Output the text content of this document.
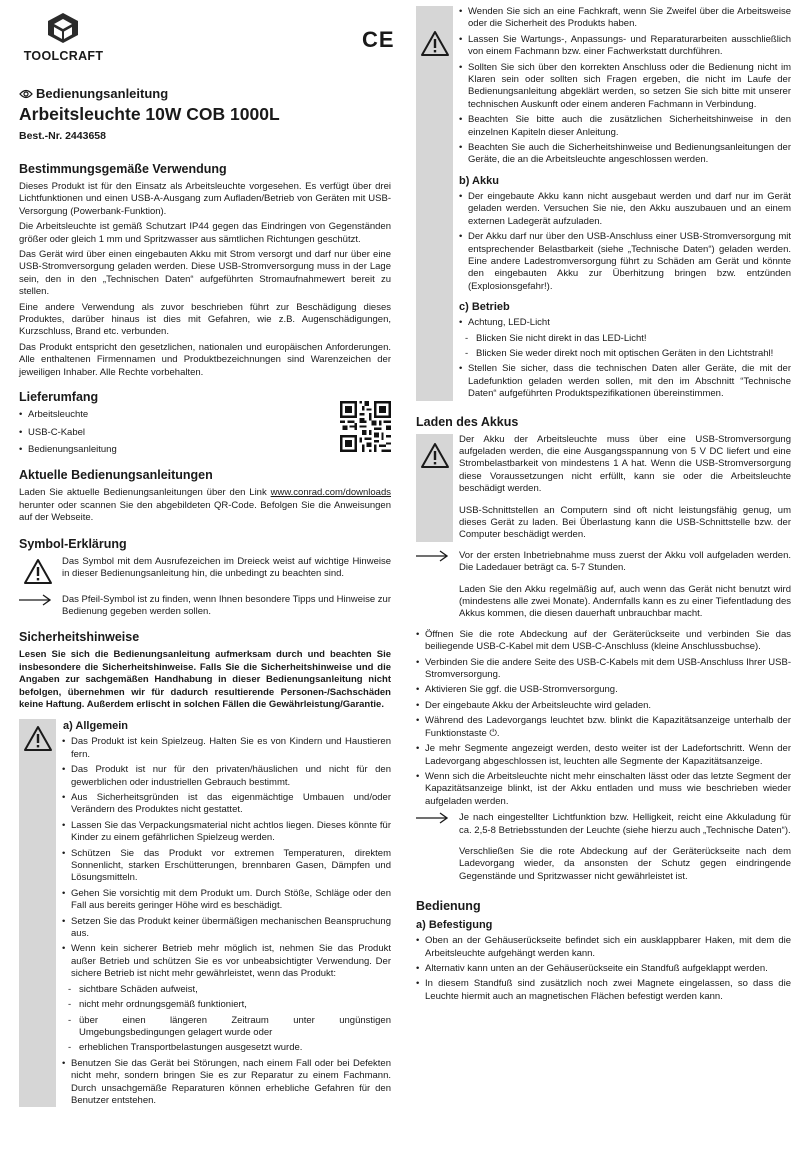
TOOLCRAFT
Bedienungsanleitung
Arbeitsleuchte 10W COB 1000L
Best.-Nr. 2443658
Bestimmungsgemäße Verwendung

Dieses Produkt ist für den Einsatz als Arbeitsleuchte vorgesehen. Es verfügt über drei Lichtfunktionen und einen USB-A-Ausgang zum Aufladen/Betrieb von Geräten mit USB-Versorgung (Powerbank-Funktion).

Die Arbeitsleuchte ist gemäß Schutzart IP44 gegen das Eindringen von Gegenständen größer oder gleich 1 mm und Spritzwasser aus sämtlichen Richtungen geschützt.

Das Gerät wird über einen eingebauten Akku mit Strom versorgt und darf nur über eine USB-Stromversorgung geladen werden. Diese USB-Stromversorgung muss in der Lage sein, den in den „Technischen Daten“ aufgeführten Stromaufnahmewert bereit zu stellen.

Eine andere Verwendung als zuvor beschrieben führt zur Beschädigung dieses Produktes, darüber hinaus ist dies mit Gefahren, wie z.B. Augenschädigungen, Kurzschluss, Brand etc. verbunden.

Das Produkt entspricht den gesetzlichen, nationalen und europäischen Anforderungen. Alle enthaltenen Firmennamen und Produktbezeichnungen sind Warenzeichen der jeweiligen Inhaber. Alle Rechte vorbehalten.

Lieferumfang
• Arbeitsleuchte
• USB-C-Kabel
• Bedienungsanleitung
Aktuelle Bedienungsanleitungen

Laden Sie aktuelle Bedienungsanleitungen über den Link www.conrad.com/downloads herunter oder scannen Sie den abgebildeten QR-Code. Befolgen Sie die Anweisungen auf der Webseite.

Symbol-Erklärung

Das Symbol mit dem Ausrufezeichen im Dreieck weist auf wichtige Hinweise in dieser Bedienungsanleitung hin, die unbedingt zu beachten sind.

Das Pfeil-Symbol ist zu finden, wenn Ihnen besondere Tipps und Hinweise zur Bedienung gegeben werden sollen.

Sicherheitshinweise

Lesen Sie sich die Bedienungsanleitung aufmerksam durch und beachten Sie insbesondere die Sicherheitshinweise. Falls Sie die Sicherheitshinweise und die Angaben zur sachgemäßen Handhabung in dieser Bedienungsanleitung nicht befolgen, übernehmen wir für dadurch resultierende Personen-/Sachschäden keine Haftung. Außerdem erlischt in solchen Fällen die Gewährleistung/Garantie.

a) Allgemein
• Das Produkt ist kein Spielzeug. Halten Sie es von Kindern und Haustieren fern.
• Das Produkt ist nur für den privaten/häuslichen und nicht für den gewerblichen oder industriellen Gebrauch bestimmt.
• Aus Sicherheitsgründen ist das eigenmächtige Umbauen und/oder Verändern des Produktes nicht gestattet.
• Lassen Sie das Verpackungsmaterial nicht achtlos liegen. Dieses könnte für Kinder zu einem gefährlichen Spielzeug werden.
• Schützen Sie das Produkt vor extremen Temperaturen, direktem Sonnenlicht, starken Erschütterungen, brennbaren Gasen, Dämpfen und Lösungsmitteln.
• Gehen Sie vorsichtig mit dem Produkt um. Durch Stöße, Schläge oder den Fall aus bereits geringer Höhe wird es beschädigt.
• Setzen Sie das Produkt keiner übermäßigen mechanischen Beanspruchung aus.
• Wenn kein sicherer Betrieb mehr möglich ist, nehmen Sie das Produkt außer Betrieb und schützen Sie es vor unbeabsichtigter Verwendung. Der sichere Betrieb ist nicht mehr gewährleistet, wenn das Produkt:
- sichtbare Schäden aufweist,
- nicht mehr ordnungsgemäß funktioniert,
- über einen längeren Zeitraum unter ungünstigen Umgebungsbedingungen gelagert wurde oder
- erheblichen Transportbelastungen ausgesetzt wurde.
• Benutzen Sie das Gerät bei Störungen, nach einem Fall oder bei Defekten nicht mehr, sondern bringen Sie es zur Reparatur zu einem Fachmann. Durch unsachgemäße Reparaturen können erhebliche Gefahren für den Benutzer entstehen.
• Wenden Sie sich an eine Fachkraft, wenn Sie Zweifel über die Arbeitsweise oder die Sicherheit des Produkts haben.
• Lassen Sie Wartungs-, Anpassungs- und Reparaturarbeiten ausschließlich von einem Fachmann bzw. einer Fachwerkstatt durchführen.
• Sollten Sie sich über den korrekten Anschluss oder die Bedienung nicht im Klaren sein oder sollten sich Fragen ergeben, die nicht im Laufe der Bedienungsanleitung abgeklärt werden, so setzen Sie sich bitte mit unserer technischen Auskunft oder einem anderen Fachmann in Verbindung.
• Beachten Sie bitte auch die zusätzlichen Sicherheitshinweise in den einzelnen Kapiteln dieser Anleitung.
• Beachten Sie auch die Sicherheitshinweise und Bedienungsanleitungen der Geräte, die an die Arbeitsleuchte angeschlossen werden.
b) Akku
• Der eingebaute Akku kann nicht ausgebaut werden und darf nur im Gerät geladen werden. Versuchen Sie nie, den Akku auszubauen und an einem externen Ladegerät aufzuladen.
• Der Akku darf nur über den USB-Anschluss einer USB-Stromversorgung mit entsprechender Belastbarkeit (siehe „Technische Daten“) geladen werden. Eine andere Ladestromversorgung führt zu Schäden am Gerät und könnte den eingebauten Akku zur Überhitzung bringen bzw. entzünden (Explosionsgefahr!).
c) Betrieb
• Achtung, LED-Licht
- Blicken Sie nicht direkt in das LED-Licht!
- Blicken Sie weder direkt noch mit optischen Geräten in den Lichtstrahl!
• Stellen Sie sicher, dass die technischen Daten aller Geräte, die mit der Ladefunktion geladen werden sollen, mit den im Abschnitt “Technische Daten“ aufgeführten Produktspezifikationen übereinstimmen.
Laden des Akkus

Der Akku der Arbeitsleuchte muss über eine USB-Stromversorgung aufgeladen werden, die eine Ausgangsspannung von 5 V DC liefert und eine Strombelastbarkeit von mindestens 1 A hat. Wenn die USB-Stromversorgung diese Voraussetzungen nicht erfüllt, kann sie oder die Arbeitsleuchte beschädigt werden.

USB-Schnittstellen an Computern sind oft nicht leistungsfähig genug, um dieses Gerät zu laden. Bei Überlastung kann die USB-Schnittstelle bzw. der Computer beschädigt werden.

Vor der ersten Inbetriebnahme muss zuerst der Akku voll aufgeladen werden. Die Ladedauer beträgt ca. 5-7 Stunden.

Laden Sie den Akku regelmäßig auf, auch wenn das Gerät nicht benutzt wird (mindestens alle zwei Monate). Andernfalls kann es zu einer Tiefentladung des Akkus kommen, die diesen dauerhaft unbrauchbar macht.

• Öffnen Sie die rote Abdeckung auf der Geräterückseite und verbinden Sie das beiliegende USB-C-Kabel mit dem USB-C-Anschluss (kleine Anschlussbuchse).
• Verbinden Sie die andere Seite des USB-C-Kabels mit dem USB-Anschluss Ihrer USB-Stromversorgung.
• Aktivieren Sie ggf. die USB-Stromversorgung.
• Der eingebaute Akku der Arbeitsleuchte wird geladen.
• Während des Ladevorgangs leuchtet bzw. blinkt die Kapazitätsanzeige unterhalb der Funktionstaste ⏻.
• Je mehr Segmente angezeigt werden, desto weiter ist der Ladefortschritt. Wenn der Ladevorgang abgeschlossen ist, leuchten alle Segmente der Kapazitätsanzeige.
• Wenn sich die Arbeitsleuchte nicht mehr einschalten lässt oder das letzte Segment der Kapazitätsanzeige blinkt, ist der Akku entladen und muss wie beschrieben wieder aufgeladen werden.

Je nach eingestellter Lichtfunktion bzw. Helligkeit, reicht eine Akkuladung für ca. 2,5-8 Betriebsstunden der Leuchte (siehe hierzu auch „Technische Daten“).

Verschließen Sie die rote Abdeckung auf der Geräterückseite nach dem Ladevorgang wieder, da ansonsten der Schutz gegen eindringende Gegenstände und Spritzwasser nicht gewährleistet ist.

Bedienung
a) Befestigung
• Oben an der Gehäuserückseite befindet sich ein ausklappbarer Haken, mit dem die Arbeitsleuchte aufgehängt werden kann.
• Alternativ kann unten an der Gehäuserückseite ein Standfuß aufgeklappt werden.
• In diesem Standfuß sind zusätzlich noch zwei Magnete eingelassen, so dass die Leuchte hiermit auch an magnetischen Flächen befestigt werden kann.
CE
